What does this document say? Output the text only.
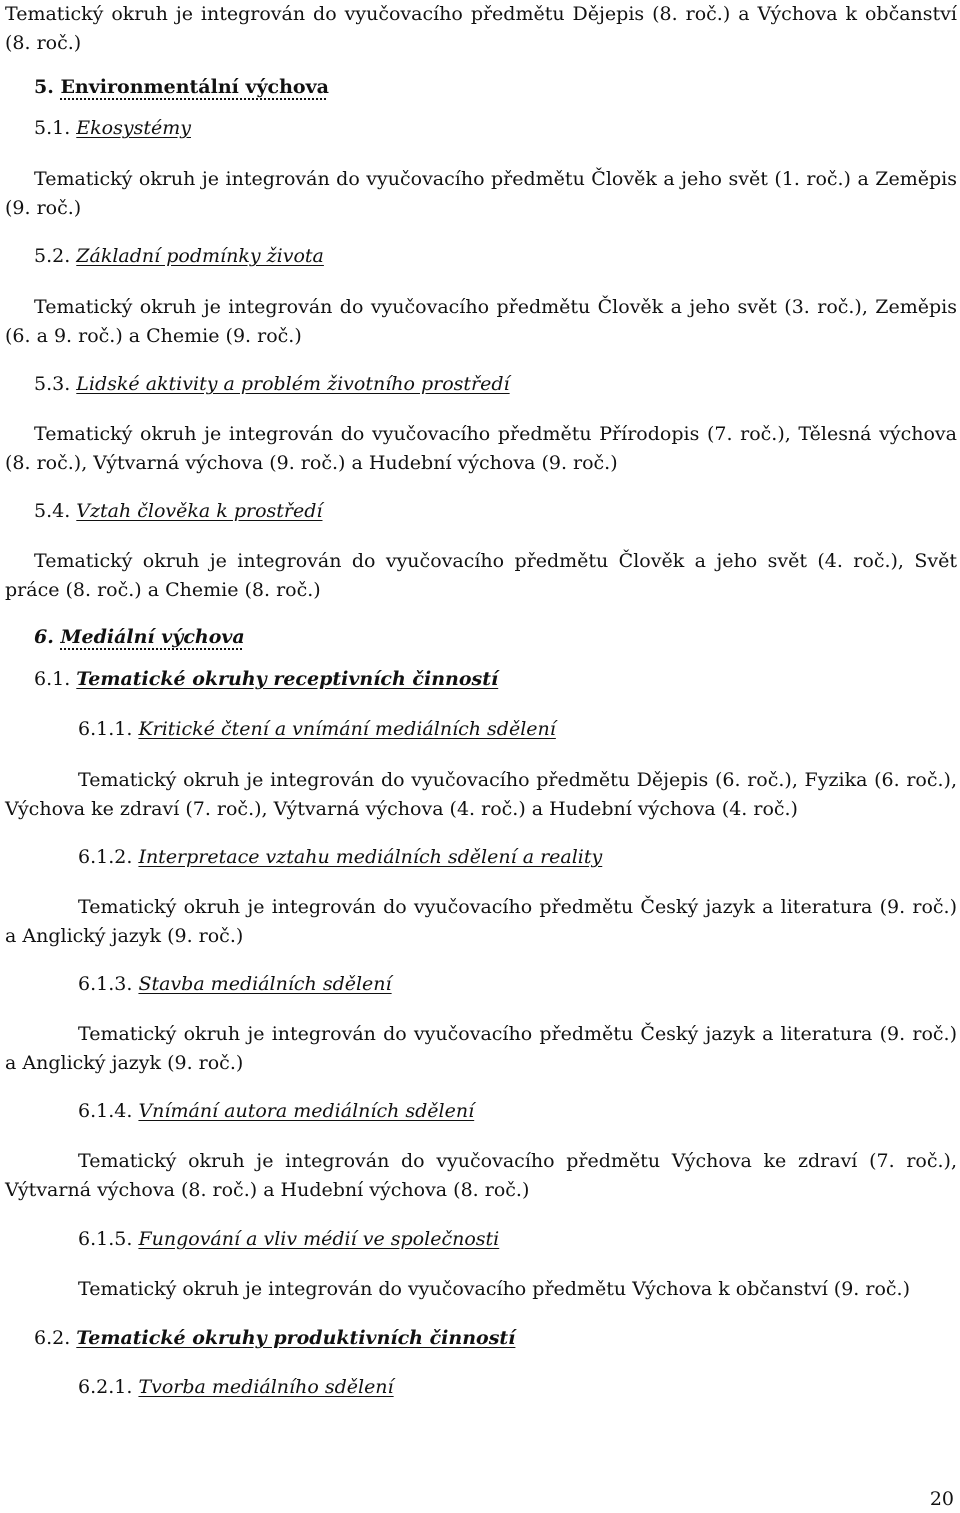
Tematický okruh je integrován do vyučovacího předmětu Dějepis (8. roč.) a Výchova k občanství (8. roč.)

5. Environmentální výchova
5.1. Ekosystémy

Tematický okruh je integrován do vyučovacího předmětu Člověk a jeho svět (1. roč.) a Zeměpis (9. roč.)

5.2. Základní podmínky života

Tematický okruh je integrován do vyučovacího předmětu Člověk a jeho svět (3. roč.), Zeměpis (6. a 9. roč.) a Chemie (9. roč.)

5.3. Lidské aktivity a problém životního prostředí

Tematický okruh je integrován do vyučovacího předmětu Přírodopis (7. roč.), Tělesná výchova (8. roč.), Výtvarná výchova (9. roč.) a Hudební výchova (9. roč.)

5.4. Vztah člověka k prostředí

Tematický okruh je integrován do vyučovacího předmětu Člověk a jeho svět (4. roč.), Svět práce (8. roč.) a Chemie (8. roč.)

6. Mediální výchova
6.1. Tematické okruhy receptivních činností
6.1.1. Kritické čtení a vnímání mediálních sdělení

Tematický okruh je integrován do vyučovacího předmětu Dějepis (6. roč.), Fyzika (6. roč.), Výchova ke zdraví (7. roč.), Výtvarná výchova (4. roč.) a Hudební výchova (4. roč.)

6.1.2. Interpretace vztahu mediálních sdělení a reality

Tematický okruh je integrován do vyučovacího předmětu Český jazyk a literatura (9. roč.) a Anglický jazyk (9. roč.)

6.1.3. Stavba mediálních sdělení

Tematický okruh je integrován do vyučovacího předmětu Český jazyk a literatura (9. roč.) a Anglický jazyk (9. roč.)

6.1.4. Vnímání autora mediálních sdělení

Tematický okruh je integrován do vyučovacího předmětu Výchova ke zdraví (7. roč.), Výtvarná výchova (8. roč.) a Hudební výchova (8. roč.)

6.1.5. Fungování a vliv médií ve společnosti

Tematický okruh je integrován do vyučovacího předmětu Výchova k občanství (9. roč.)

6.2. Tematické okruhy produktivních činností
6.2.1. Tvorba mediálního sdělení
20
